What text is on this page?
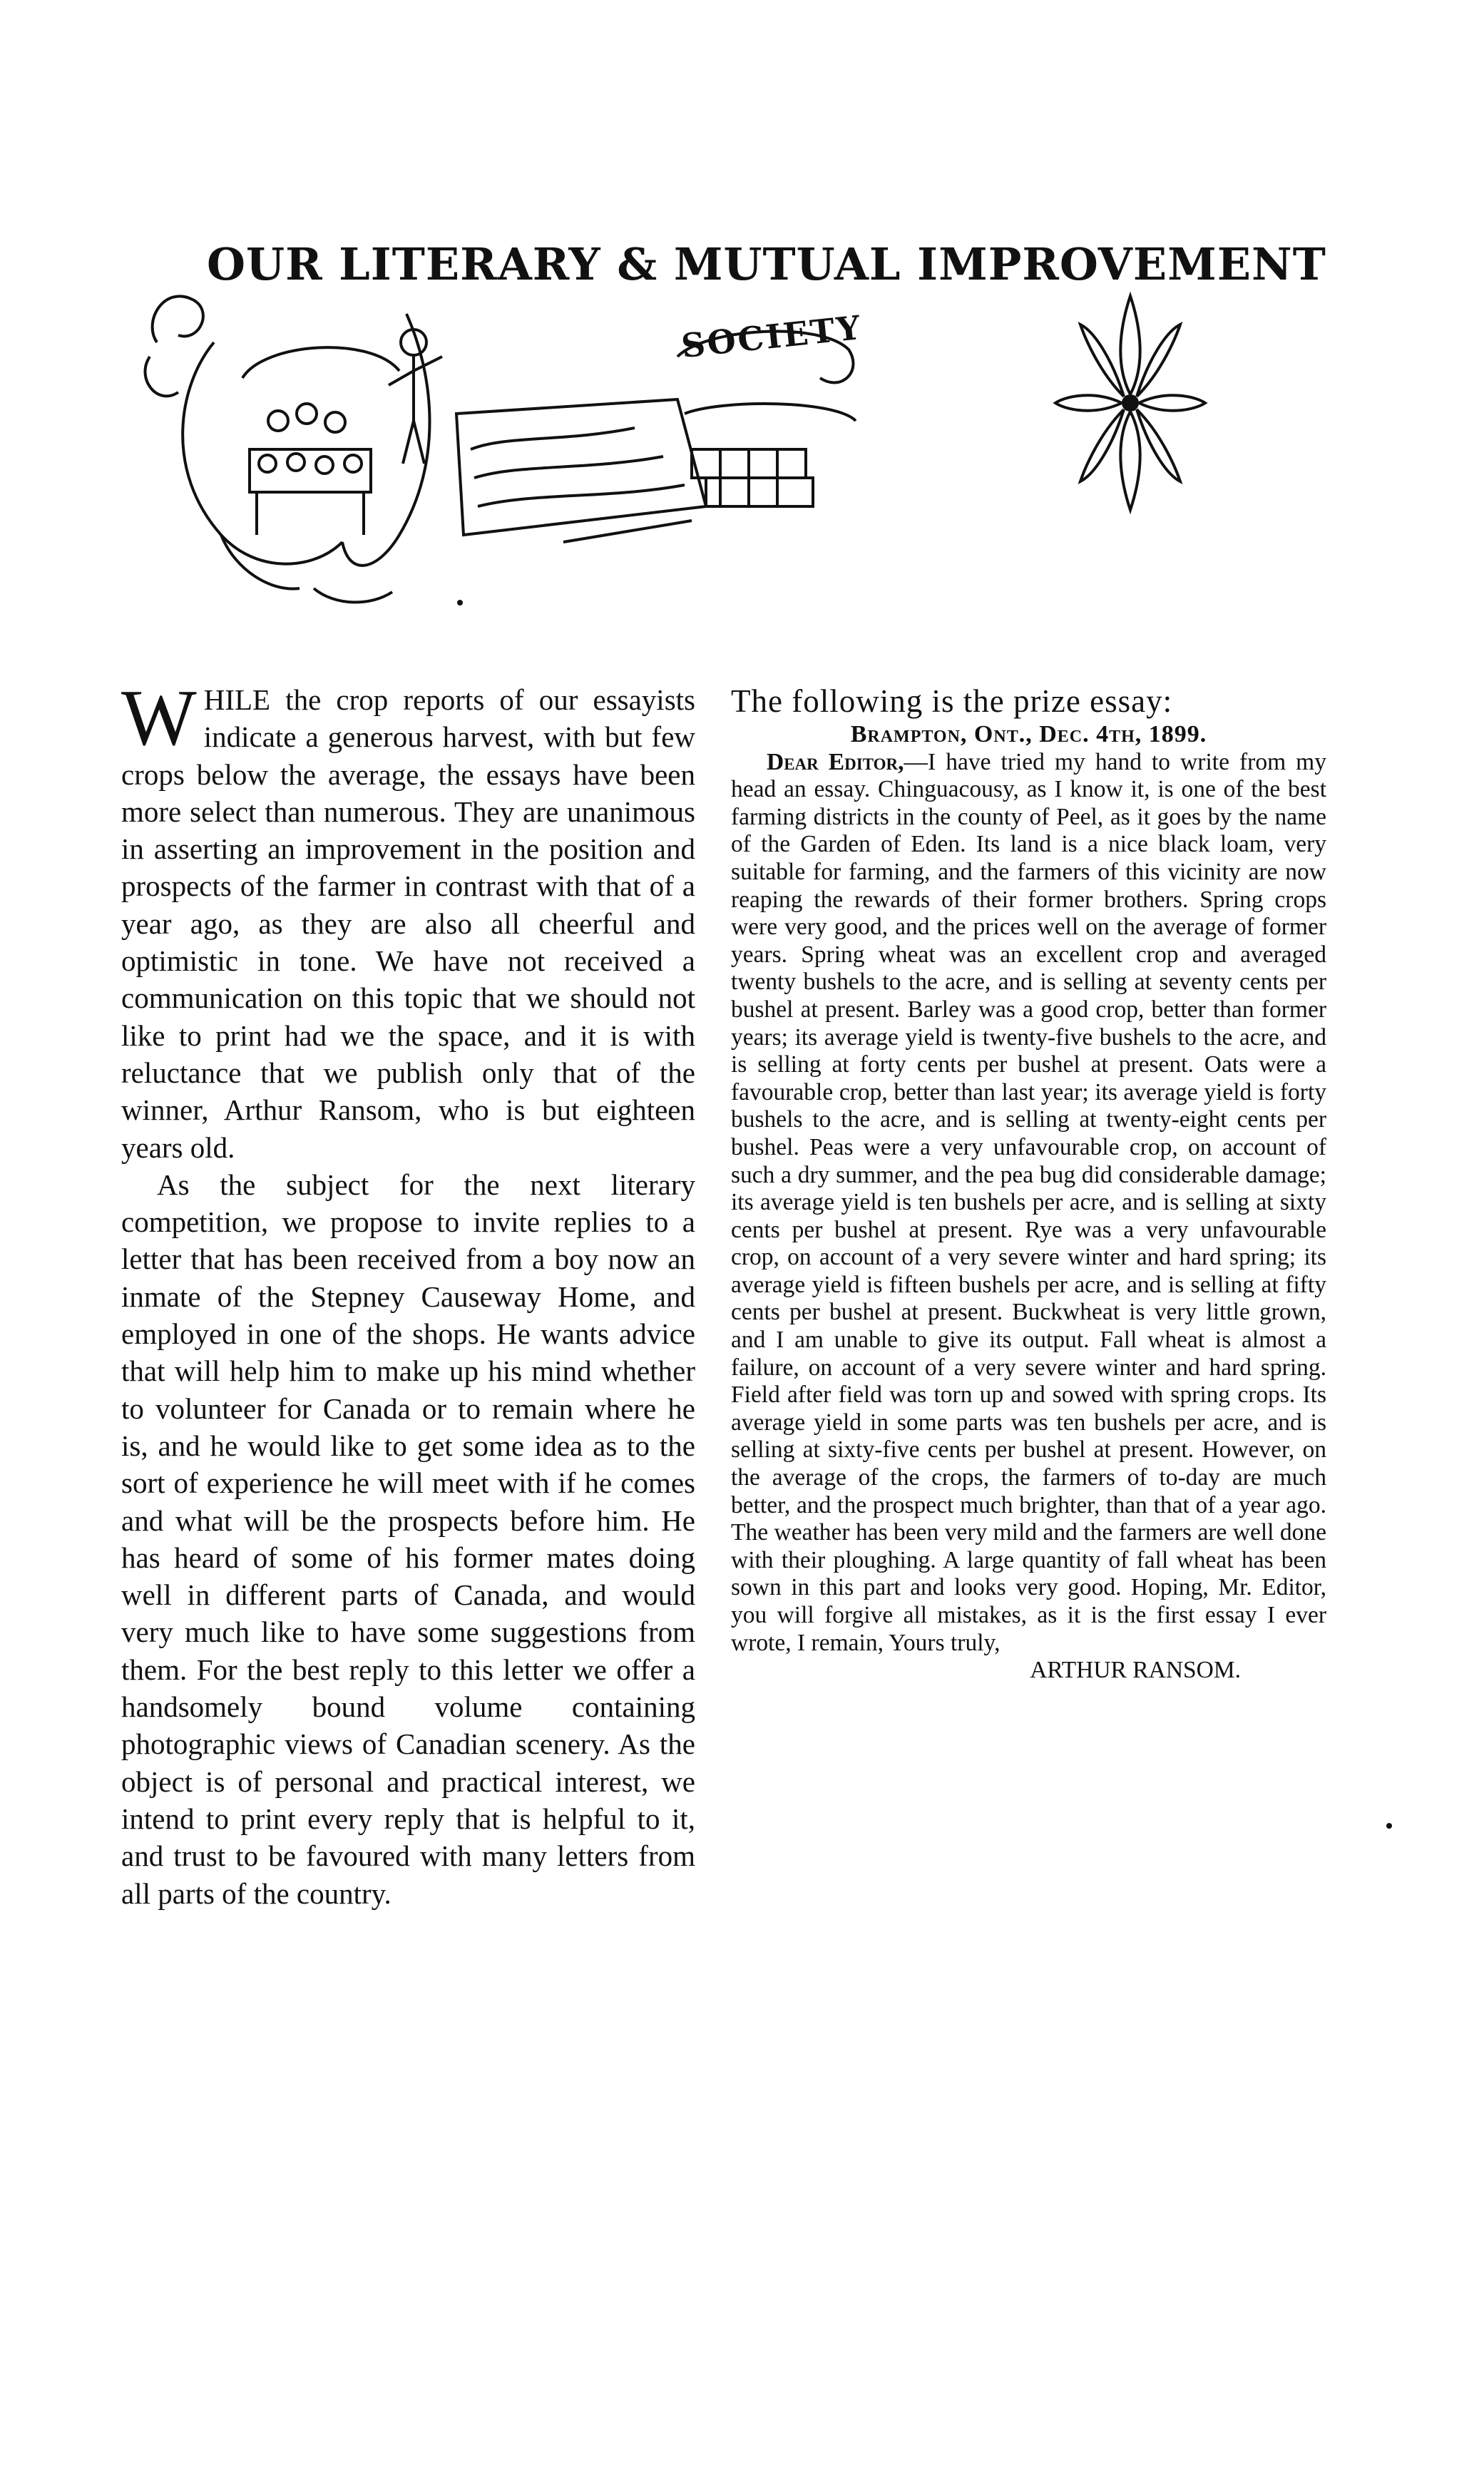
OUR LITERARY & MUTUAL IMPROVEMENT
SOCIETY

WHILE the crop reports of our essayists indicate a generous harvest, with but few crops below the average, the essays have been more select than numerous. They are unanimous in asserting an improvement in the position and prospects of the farmer in contrast with that of a year ago, as they are also all cheerful and optimistic in tone. We have not received a communication on this topic that we should not like to print had we the space, and it is with reluctance that we publish only that of the winner, Arthur Ransom, who is but eighteen years old.

As the subject for the next literary competition, we propose to invite replies to a letter that has been received from a boy now an inmate of the Stepney Causeway Home, and employed in one of the shops. He wants advice that will help him to make up his mind whether to volunteer for Canada or to remain where he is, and he would like to get some idea as to the sort of experience he will meet with if he comes and what will be the prospects before him. He has heard of some of his former mates doing well in different parts of Canada, and would very much like to have some suggestions from them. For the best reply to this letter we offer a handsomely bound volume containing photographic views of Canadian scenery. As the object is of personal and practical interest, we intend to print every reply that is helpful to it, and trust to be favoured with many letters from all parts of the country.

The following is the prize essay:

Brampton, Ont., Dec. 4th, 1899.

Dear Editor,—I have tried my hand to write from my head an essay. Chinguacousy, as I know it, is one of the best farming districts in the county of Peel, as it goes by the name of the Garden of Eden. Its land is a nice black loam, very suitable for farming, and the farmers of this vicinity are now reaping the rewards of their former brothers. Spring crops were very good, and the prices well on the average of former years. Spring wheat was an excellent crop and averaged twenty bushels to the acre, and is selling at seventy cents per bushel at present. Barley was a good crop, better than former years; its average yield is twenty-five bushels to the acre, and is selling at forty cents per bushel at present. Oats were a favourable crop, better than last year; its average yield is forty bushels to the acre, and is selling at twenty-eight cents per bushel. Peas were a very unfavourable crop, on account of such a dry summer, and the pea bug did considerable damage; its average yield is ten bushels per acre, and is selling at sixty cents per bushel at present. Rye was a very unfavourable crop, on account of a very severe winter and hard spring; its average yield is fifteen bushels per acre, and is selling at fifty cents per bushel at present. Buckwheat is very little grown, and I am unable to give its output. Fall wheat is almost a failure, on account of a very severe winter and hard spring. Field after field was torn up and sowed with spring crops. Its average yield in some parts was ten bushels per acre, and is selling at sixty-five cents per bushel at present. However, on the average of the crops, the farmers of to-day are much better, and the prospect much brighter, than that of a year ago. The weather has been very mild and the farmers are well done with their ploughing. A large quantity of fall wheat has been sown in this part and looks very good. Hoping, Mr. Editor, you will forgive all mistakes, as it is the first essay I ever wrote, I remain, Yours truly,

ARTHUR RANSOM.
